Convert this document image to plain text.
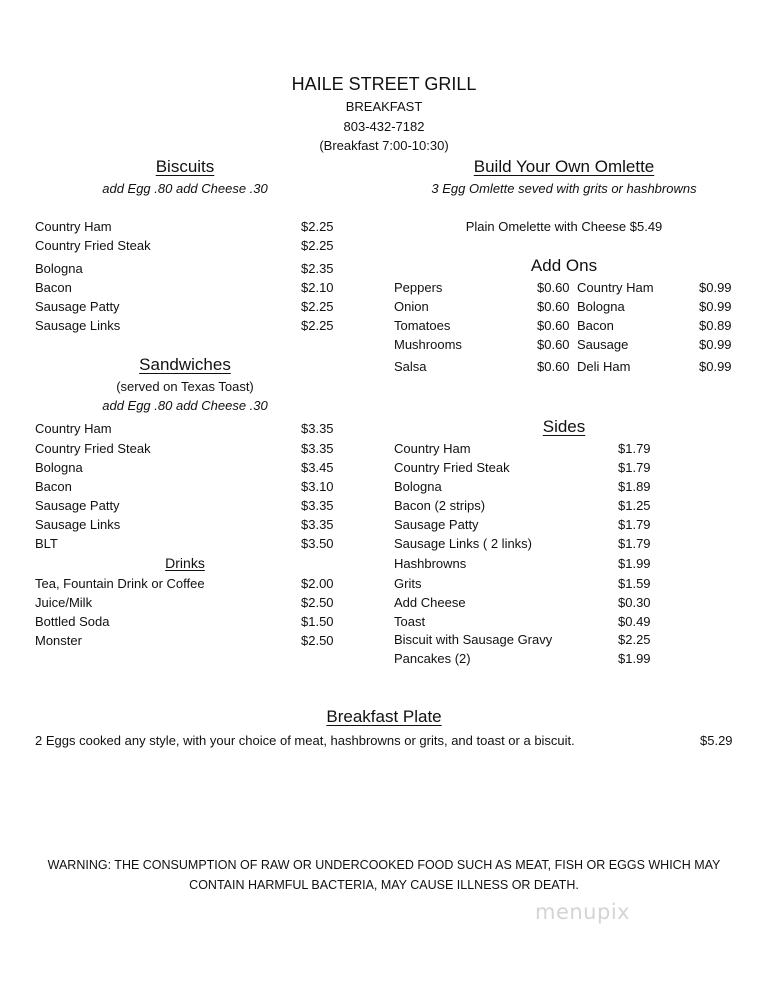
HAILE STREET GRILL
BREAKFAST
803-432-7182
(Breakfast 7:00-10:30)
Biscuits
add Egg .80 add Cheese .30
Country Ham	$2.25
Country Fried Steak	$2.25
Bologna	$2.35
Bacon	$2.10
Sausage Patty	$2.25
Sausage Links	$2.25
Sandwiches
(served on Texas Toast)
add Egg .80 add Cheese .30
Country Ham	$3.35
Country Fried Steak	$3.35
Bologna	$3.45
Bacon	$3.10
Sausage Patty	$3.35
Sausage Links	$3.35
BLT	$3.50
Drinks
Tea, Fountain Drink or Coffee	$2.00
Juice/Milk	$2.50
Bottled Soda	$1.50
Monster	$2.50
Build Your Own Omlette
3 Egg Omlette seved with grits or hashbrowns
Plain Omelette with Cheese $5.49
Add Ons
Peppers	$0.60 Country Ham	$0.99
Onion	$0.60 Bologna	$0.99
Tomatoes	$0.60 Bacon	$0.89
Mushrooms	$0.60 Sausage	$0.99
Salsa	$0.60 Deli Ham	$0.99
Sides
Country Ham	$1.79
Country Fried Steak	$1.79
Bologna	$1.89
Bacon (2 strips)	$1.25
Sausage Patty	$1.79
Sausage Links ( 2 links)	$1.79
Hashbrowns	$1.99
Grits	$1.59
Add Cheese	$0.30
Toast	$0.49
Biscuit with Sausage Gravy	$2.25
Pancakes (2)	$1.99
Breakfast Plate
2 Eggs cooked any style, with your choice of meat, hashbrowns or grits, and toast or a biscuit.	$5.29
WARNING: THE CONSUMPTION OF RAW OR UNDERCOOKED FOOD SUCH AS MEAT, FISH OR EGGS WHICH MAY
CONTAIN HARMFUL BACTERIA, MAY CAUSE ILLNESS OR DEATH.
menupix
